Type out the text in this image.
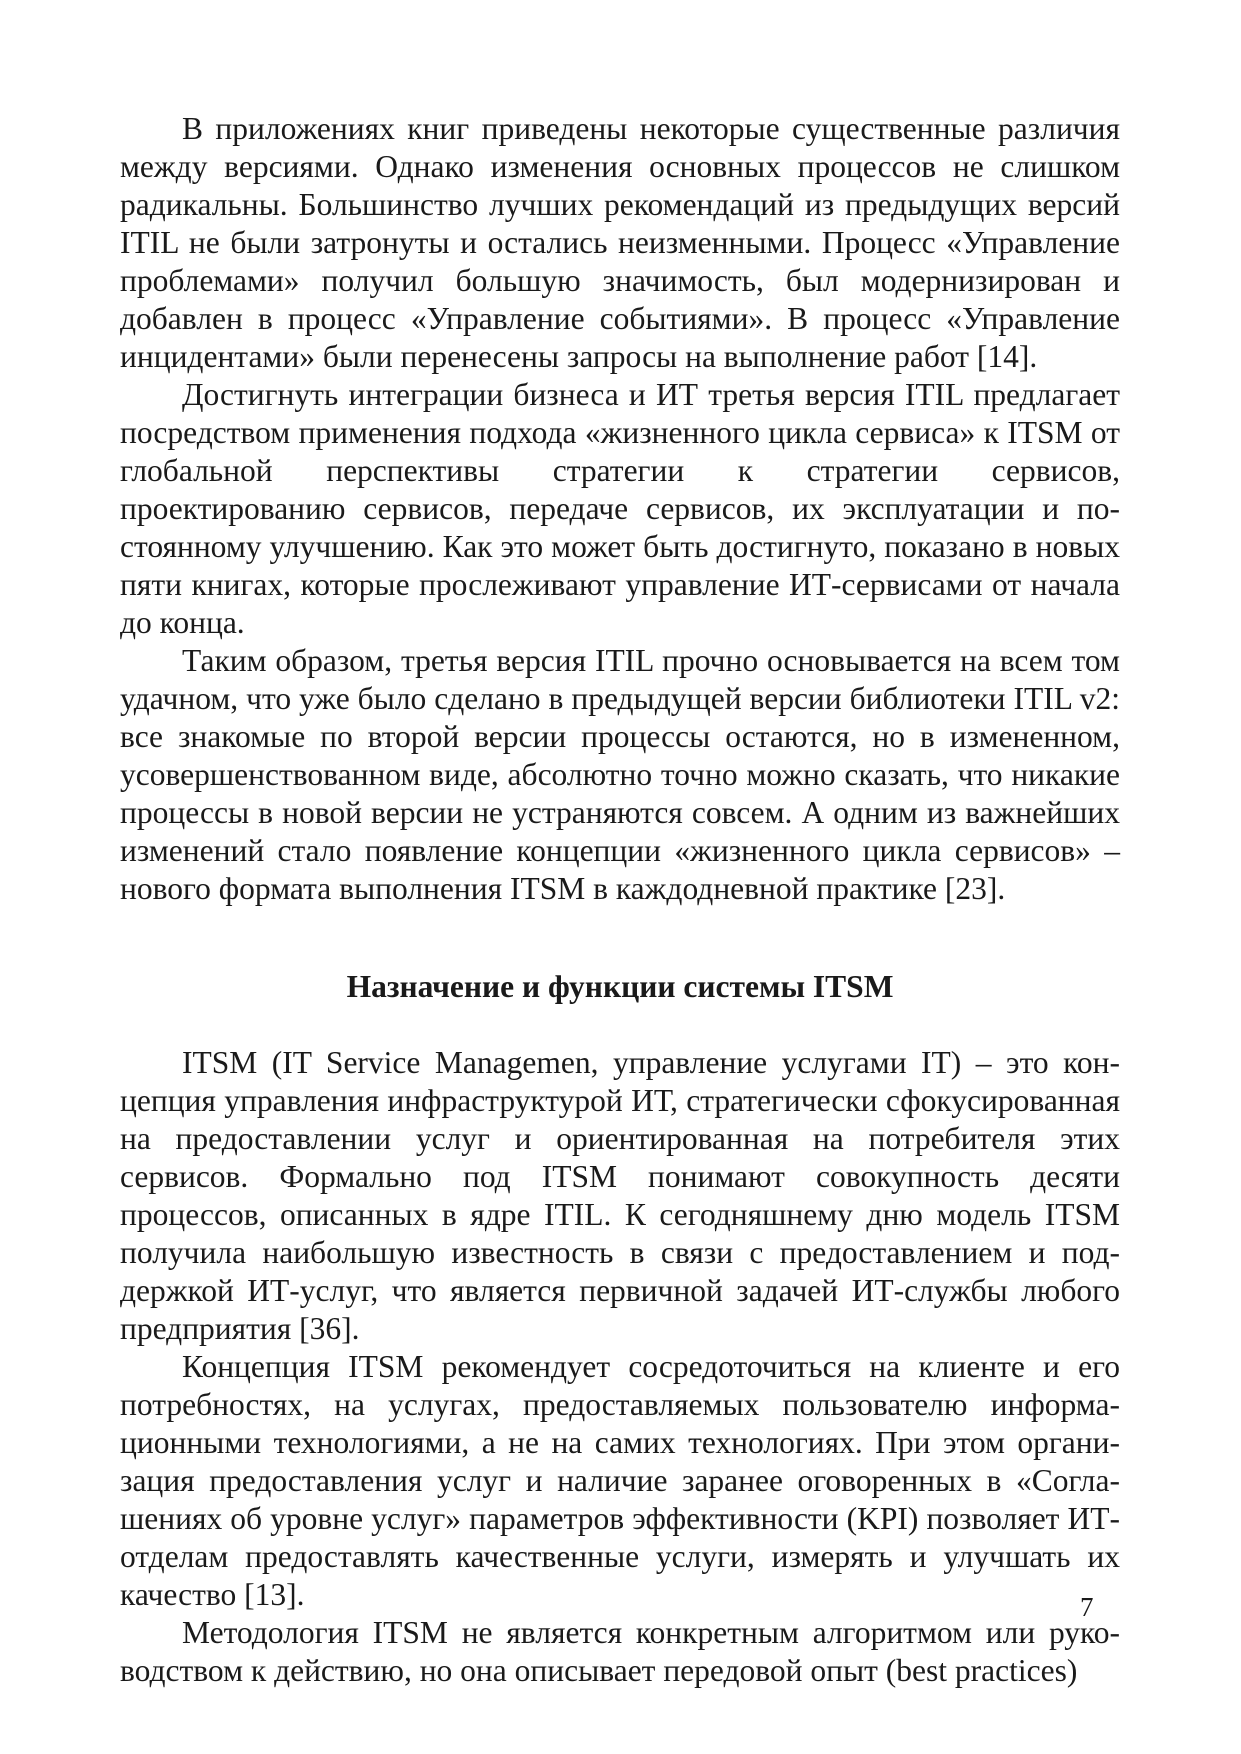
В приложениях книг приведены некоторые существенные различия между версиями. Однако изменения основных процессов не слишком радикальны. Большинство лучших рекомендаций из предыдущих версий ITIL не были затронуты и остались неизменными. Процесс «Управление проблемами» получил большую значимость, был модернизирован и добавлен в процесс «Управление событиями». В процесс «Управление инцидентами» были перенесены запросы на выполнение работ [14].

Достигнуть интеграции бизнеса и ИТ третья версия ITIL предлагает посредством применения подхода «жизненного цикла сервиса» к ITSM от глобальной перспективы стратегии к стратегии сервисов, проектированию сервисов, передаче сервисов, их эксплуатации и постоянному улучшению. Как это может быть достигнуто, показано в новых пяти книгах, которые прослеживают управление ИТ-сервисами от начала до конца.

Таким образом, третья версия ITIL прочно основывается на всем том удачном, что уже было сделано в предыдущей версии библиотеки ITIL v2: все знакомые по второй версии процессы остаются, но в измененном, усовершенствованном виде, абсолютно точно можно сказать, что никакие процессы в новой версии не устраняются совсем. А одним из важнейших изменений стало появление концепции «жизненного цикла сервисов» – нового формата выполнения ITSM в каждодневной практике [23].

Назначение и функции системы ITSM

ITSM (IT Service Managemen, управление услугами IT) – это концепция управления инфраструктурой ИТ, стратегически сфокусированная на предоставлении услуг и ориентированная на потребителя этих сервисов. Формально под ITSM понимают совокупность десяти процессов, описанных в ядре ITIL. К сегодняшнему дню модель ITSM получила наибольшую известность в связи с предоставлением и поддержкой ИТ-услуг, что является первичной задачей ИТ-службы любого предприятия [36].

Концепция ITSM рекомендует сосредоточиться на клиенте и его потребностях, на услугах, предоставляемых пользователю информационными технологиями, а не на самих технологиях. При этом организация предоставления услуг и наличие заранее оговоренных в «Соглашениях об уровне услуг» параметров эффективности (KPI) позволяет ИТ-отделам предоставлять качественные услуги, измерять и улучшать их качество [13].

Методология ITSM не является конкретным алгоритмом или руководством к действию, но она описывает передовой опыт (best practices)

7
